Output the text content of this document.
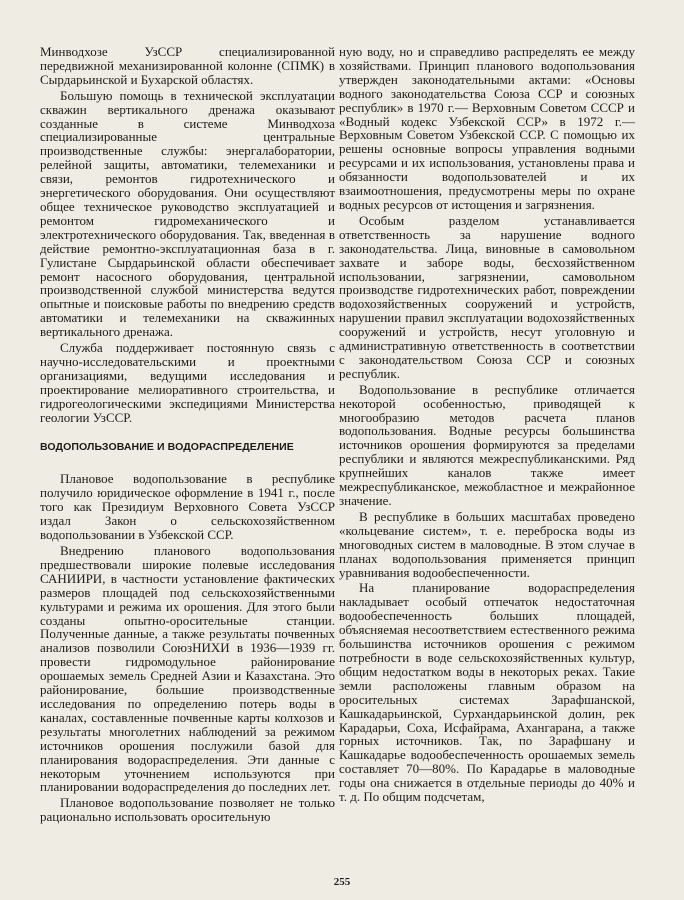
Минводхозе УзССР специализированной передвижной механизированной колонне (СПМК) в Сырдарьинской и Бухарской областях.

Большую помощь в технической эксплуатации скважин вертикального дренажа оказывают созданные в системе Минводхоза специализированные центральные производственные службы: энергалаборатории, релейной защиты, автоматики, телемеханики и связи, ремонтов гидротехнического и энергетического оборудования. Они осуществляют общее техническое руководство эксплуатацией и ремонтом гидромеханического и электротехнического оборудования. Так, введенная в действие ремонтно-эксплуатационная база в г. Гулистане Сырдарьинской области обеспечивает ремонт насосного оборудования, центральной производственной службой министерства ведутся опытные и поисковые работы по внедрению средств автоматики и телемеханики на скважинных вертикального дренажа.

Служба поддерживает постоянную связь с научно-исследовательскими и проектными организациями, ведущими исследования и проектирование мелиоративного строительства, и гидрогеологическими экспедициями Министерства геологии УзССР.

ВОДОПОЛЬЗОВАНИЕ И ВОДОРАСПРЕДЕЛЕНИЕ

Плановое водопользование в республике получило юридическое оформление в 1941 г., после того как Президиум Верховного Совета УзССР издал Закон о сельскохозяйственном водопользовании в Узбекской ССР.

Внедрению планового водопользования предшествовали широкие полевые исследования САНИИРИ, в частности установление фактических размеров площадей под сельскохозяйственными культурами и режима их орошения. Для этого были созданы опытно-оросительные станции. Полученные данные, а также результаты почвенных анализов позволили СоюзНИХИ в 1936—1939 гг. провести гидромодульное районирование орошаемых земель Средней Азии и Казахстана. Это районирование, большие производственные исследования по определению потерь воды в каналах, составленные почвенные карты колхозов и результаты многолетних наблюдений за режимом источников орошения послужили базой для планирования водораспределения. Эти данные с некоторым уточнением используются при планировании водораспределения до последних лет.

Плановое водопользование позволяет не только рационально использовать оросительную

ную воду, но и справедливо распределять ее между хозяйствами. Принцип планового водопользования утвержден законодательными актами: «Основы водного законодательства Союза ССР и союзных республик» в 1970 г.— Верховным Советом СССР и «Водный кодекс Узбекской ССР» в 1972 г.— Верховным Советом Узбекской ССР. С помощью их решены основные вопросы управления водными ресурсами и их использования, установлены права и обязанности водопользователей и их взаимоотношения, предусмотрены меры по охране водных ресурсов от истощения и загрязнения.

Особым разделом устанавливается ответственность за нарушение водного законодательства. Лица, виновные в самовольном захвате и заборе воды, бесхозяйственном использовании, загрязнении, самовольном производстве гидротехнических работ, повреждении водохозяйственных сооружений и устройств, нарушении правил эксплуатации водохозяйственных сооружений и устройств, несут уголовную и административную ответственность в соответствии с законодательством Союза ССР и союзных республик.

Водопользование в республике отличается некоторой особенностью, приводящей к многообразию методов расчета планов водопользования. Водные ресурсы большинства источников орошения формируются за пределами республики и являются межреспубликанскими. Ряд крупнейших каналов также имеет межреспубликанское, межобластное и межрайонное значение.

В республике в больших масштабах проведено «кольцевание систем», т. е. переброска воды из многоводных систем в маловодные. В этом случае в планах водопользования применяется принцип уравнивания водообеспеченности.

На планирование водораспределения накладывает особый отпечаток недостаточная водообеспеченность больших площадей, объясняемая несоответствием естественного режима большинства источников орошения с режимом потребности в воде сельскохозяйственных культур, общим недостатком воды в некоторых реках. Такие земли расположены главным образом на оросительных системах Зарафшанской, Кашкадарьинской, Сурхандарьинской долин, рек Карадарьи, Соха, Исфайрама, Ахангарана, а также горных источников. Так, по Зарафшану и Кашкадарье водообеспеченность орошаемых земель составляет 70—80%. По Карадарье в маловодные годы она снижается в отдельные периоды до 40% и т. д. По общим подсчетам,

255
